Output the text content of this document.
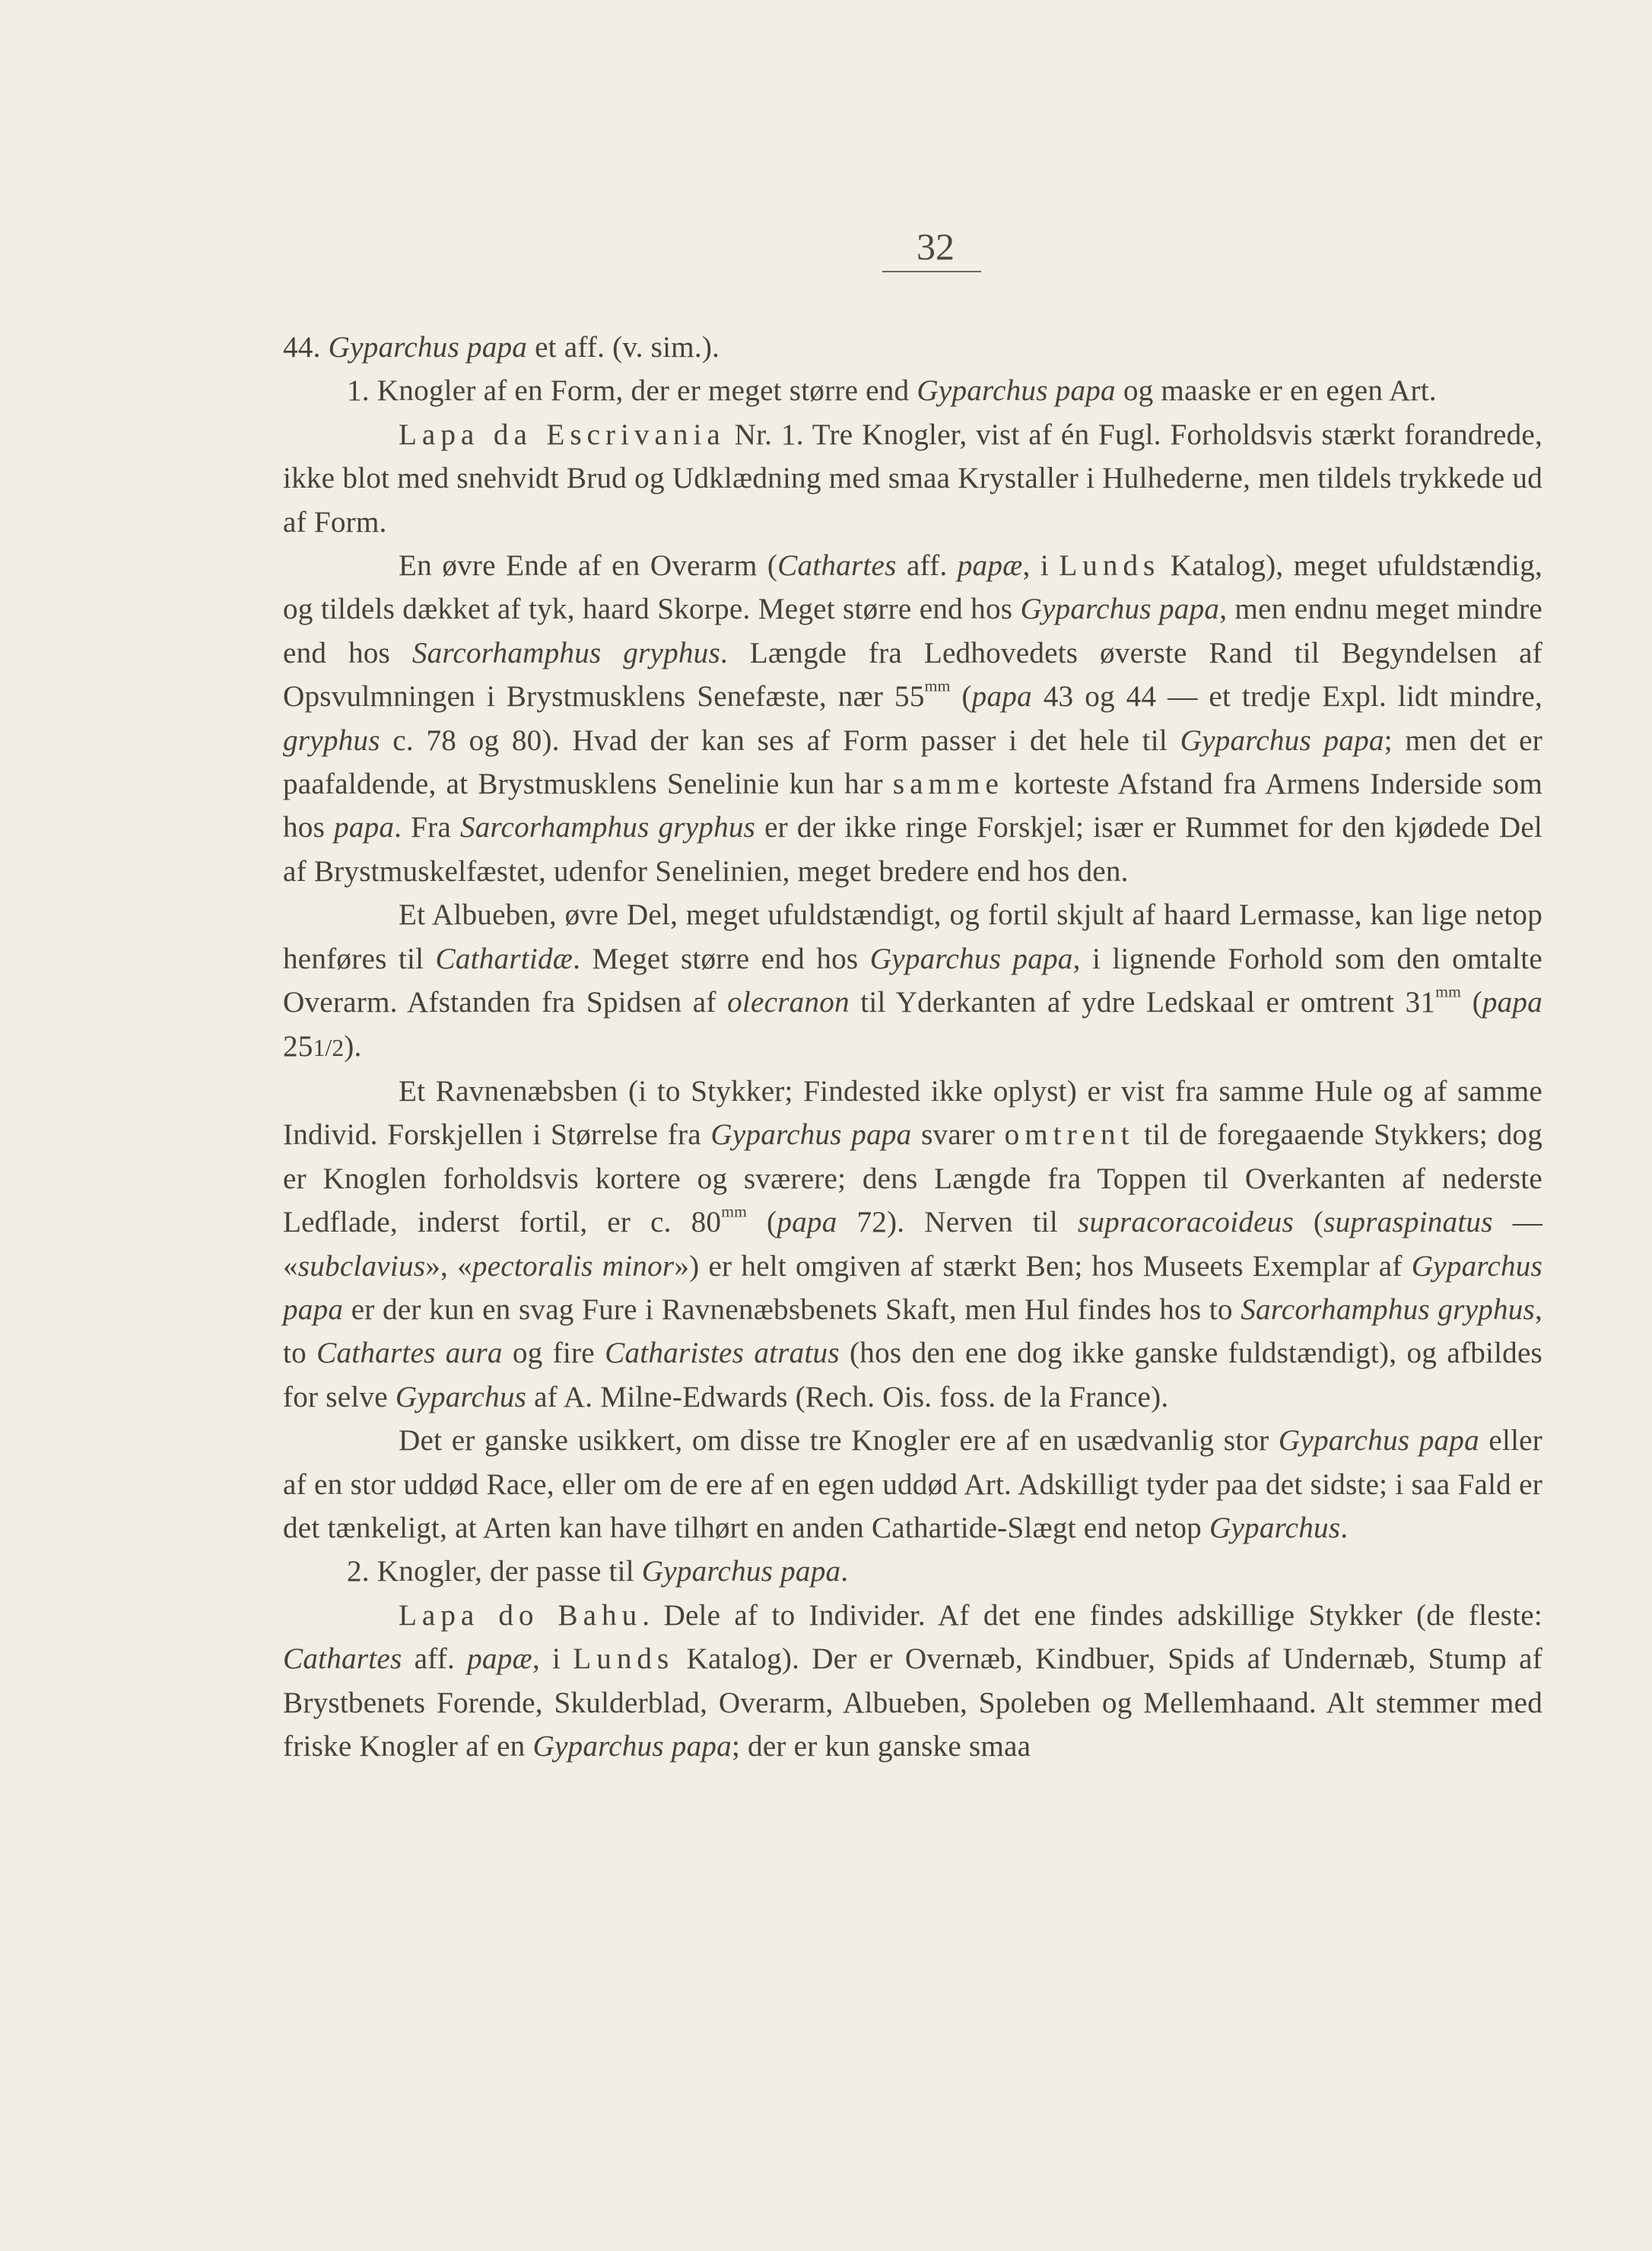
32

44. Gyparchus papa et aff. (v. sim.).

1. Knogler af en Form, der er meget større end Gyparchus papa og maaske er en egen Art.

Lapa da Escrivania Nr. 1. Tre Knogler, vist af én Fugl. Forholdsvis stærkt forandrede, ikke blot med snehvidt Brud og Udklædning med smaa Krystaller i Hulhederne, men tildels trykkede ud af Form.

En øvre Ende af en Overarm (Cathartes aff. papæ, i Lunds Katalog), meget ufuldstændig, og tildels dækket af tyk, haard Skorpe. Meget større end hos Gyparchus papa, men endnu meget mindre end hos Sarcorhamphus gryphus. Længde fra Ledhovedets øverste Rand til Begyndelsen af Opsvulmningen i Brystmusklens Senefæste, nær $55^{mm}$ (papa 43 og 44 — et tredje Expl. lidt mindre, gryphus c. 78 og 80). Hvad der kan ses af Form passer i det hele til Gyparchus papa; men det er paafaldende, at Brystmusklens Senelinie kun har samme korteste Afstand fra Armens Inderside som hos papa. Fra Sarcorhamphus gryphus er der ikke ringe Forskjel; især er Rummet for den kjødede Del af Brystmuskelfæstet, udenfor Senelinien, meget bredere end hos den.

Et Albueben, øvre Del, meget ufuldstændigt, og fortil skjult af haard Lermasse, kan lige netop henføres til Cathartidæ. Meget større end hos Gyparchus papa, i lignende Forhold som den omtalte Overarm. Afstanden fra Spidsen af olecranon til Yderkanten af ydre Ledskaal er omtrent $31^{mm}$ (papa 251/2).

Et Ravnenæbsben (i to Stykker; Findested ikke oplyst) er vist fra samme Hule og af samme Individ. Forskjellen i Størrelse fra Gyparchus papa svarer omtrent til de foregaaende Stykkers; dog er Knoglen forholdsvis kortere og sværere; dens Længde fra Toppen til Overkanten af nederste Ledflade, inderst fortil, er c. $80^{mm}$ (papa 72). Nerven til supracoracoideus (supraspinatus — «subclavius», «pectoralis minor») er helt omgiven af stærkt Ben; hos Museets Exemplar af Gyparchus papa er der kun en svag Fure i Ravnenæbsbenets Skaft, men Hul findes hos to Sarcorhamphus gryphus, to Cathartes aura og fire Catharistes atratus (hos den ene dog ikke ganske fuldstændigt), og afbildes for selve Gyparchus af A. Milne-Edwards (Rech. Ois. foss. de la France).

Det er ganske usikkert, om disse tre Knogler ere af en usædvanlig stor Gyparchus papa eller af en stor uddød Race, eller om de ere af en egen uddød Art. Adskilligt tyder paa det sidste; i saa Fald er det tænkeligt, at Arten kan have tilhørt en anden Cathartide-Slægt end netop Gyparchus.

2. Knogler, der passe til Gyparchus papa.

Lapa do Bahu. Dele af to Individer. Af det ene findes adskillige Stykker (de fleste: Cathartes aff. papæ, i Lunds Katalog). Der er Overnæb, Kindbuer, Spids af Undernæb, Stump af Brystbenets Forende, Skulderblad, Overarm, Albueben, Spoleben og Mellemhaand. Alt stemmer med friske Knogler af en Gyparchus papa; der er kun ganske smaa
